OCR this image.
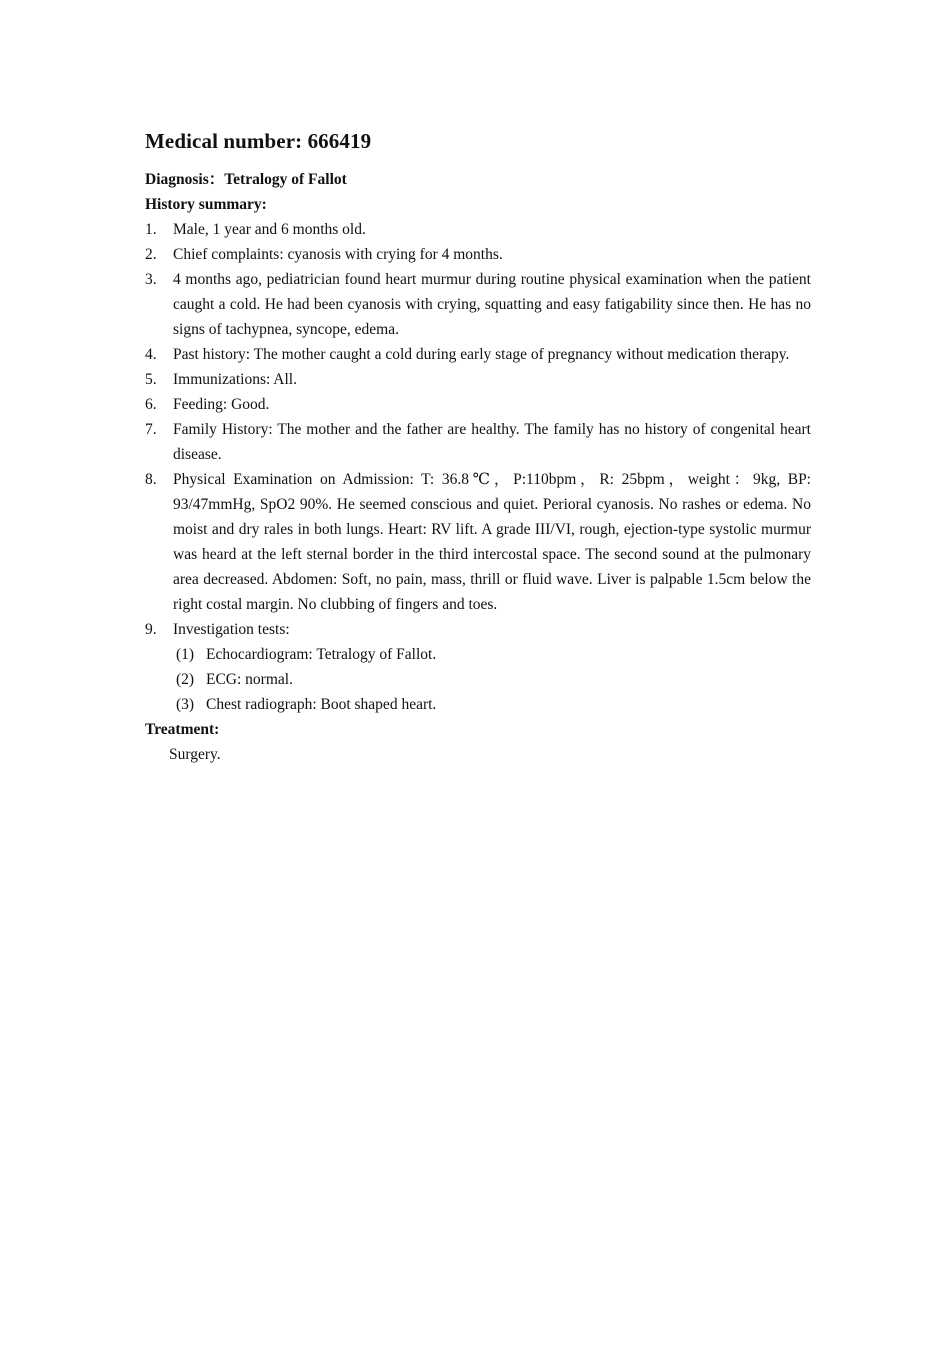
Medical number: 666419

Diagnosis：Tetralogy of Fallot

History summary:

1.	Male, 1 year and 6 months old.
2.	Chief complaints: cyanosis with crying for 4 months.
3.	4 months ago, pediatrician found heart murmur during routine physical examination when the patient caught a cold. He had been cyanosis with crying, squatting and easy fatigability since then. He has no signs of tachypnea, syncope, edema.
4.	Past history: The mother caught a cold during early stage of pregnancy without medication therapy.
5.	Immunizations: All.
6.	Feeding: Good.
7.	Family History: The mother and the father are healthy. The family has no history of congenital heart disease.
8.	Physical Examination on Admission: T: 36.8℃，P:110bpm，R: 25bpm，weight：9kg, BP: 93/47mmHg, SpO2 90%. He seemed conscious and quiet. Perioral cyanosis. No rashes or edema. No moist and dry rales in both lungs. Heart: RV lift. A grade III/VI, rough, ejection-type systolic murmur was heard at the left sternal border in the third intercostal space. The second sound at the pulmonary area decreased. Abdomen: Soft, no pain, mass, thrill or fluid wave. Liver is palpable 1.5cm below the right costal margin. No clubbing of fingers and toes.
9.	Investigation tests:
(1) Echocardiogram: Tetralogy of Fallot.
(2) ECG: normal.
(3) Chest radiograph: Boot shaped heart.

Treatment:

Surgery.
